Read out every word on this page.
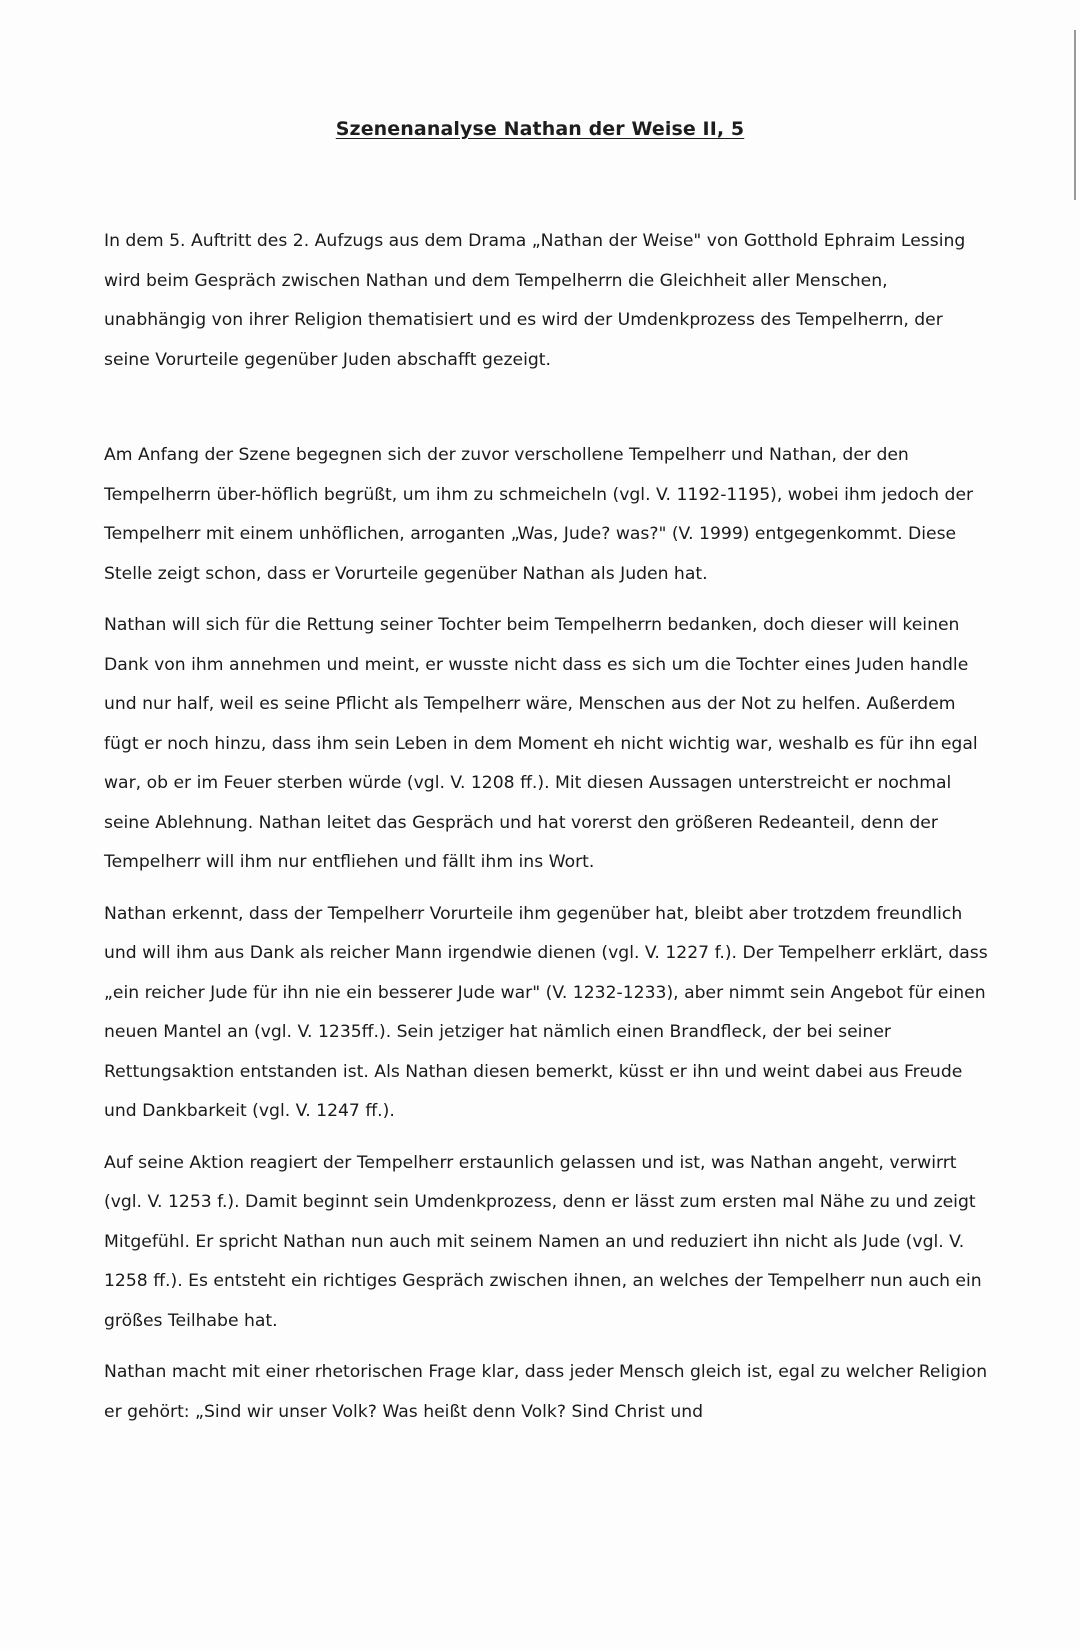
Szenenanalyse Nathan der Weise II, 5

In dem 5. Auftritt des 2. Aufzugs aus dem Drama „Nathan der Weise" von Gotthold Ephraim Lessing wird beim Gespräch zwischen Nathan und dem Tempelherrn die Gleichheit aller Menschen, unabhängig von ihrer Religion thematisiert und es wird der Umdenkprozess des Tempelherrn, der seine Vorurteile gegenüber Juden abschafft gezeigt.

Am Anfang der Szene begegnen sich der zuvor verschollene Tempelherr und Nathan, der den Tempelherrn über-höflich begrüßt, um ihm zu schmeicheln (vgl. V. 1192-1195), wobei ihm jedoch der Tempelherr mit einem unhöflichen, arroganten „Was, Jude? was?" (V. 1999) entgegenkommt. Diese Stelle zeigt schon, dass er Vorurteile gegenüber Nathan als Juden hat.

Nathan will sich für die Rettung seiner Tochter beim Tempelherrn bedanken, doch dieser will keinen Dank von ihm annehmen und meint, er wusste nicht dass es sich um die Tochter eines Juden handle und nur half, weil es seine Pflicht als Tempelherr wäre, Menschen aus der Not zu helfen. Außerdem fügt er noch hinzu, dass ihm sein Leben in dem Moment eh nicht wichtig war, weshalb es für ihn egal war, ob er im Feuer sterben würde (vgl. V. 1208 ff.). Mit diesen Aussagen unterstreicht er nochmal seine Ablehnung. Nathan leitet das Gespräch und hat vorerst den größeren Redeanteil, denn der Tempelherr will ihm nur entfliehen und fällt ihm ins Wort.

Nathan erkennt, dass der Tempelherr Vorurteile ihm gegenüber hat, bleibt aber trotzdem freundlich und will ihm aus Dank als reicher Mann irgendwie dienen (vgl. V. 1227 f.). Der Tempelherr erklärt, dass „ein reicher Jude für ihn nie ein besserer Jude war" (V. 1232-1233), aber nimmt sein Angebot für einen neuen Mantel an (vgl. V. 1235ff.). Sein jetziger hat nämlich einen Brandfleck, der bei seiner Rettungsaktion entstanden ist. Als Nathan diesen bemerkt, küsst er ihn und weint dabei aus Freude und Dankbarkeit (vgl. V. 1247 ff.).

Auf seine Aktion reagiert der Tempelherr erstaunlich gelassen und ist, was Nathan angeht, verwirrt (vgl. V. 1253 f.). Damit beginnt sein Umdenkprozess, denn er lässt zum ersten mal Nähe zu und zeigt Mitgefühl. Er spricht Nathan nun auch mit seinem Namen an und reduziert ihn nicht als Jude (vgl. V. 1258 ff.). Es entsteht ein richtiges Gespräch zwischen ihnen, an welches der Tempelherr nun auch ein größes Teilhabe hat.

Nathan macht mit einer rhetorischen Frage klar, dass jeder Mensch gleich ist, egal zu welcher Religion er gehört: „Sind wir unser Volk? Was heißt denn Volk? Sind Christ und
